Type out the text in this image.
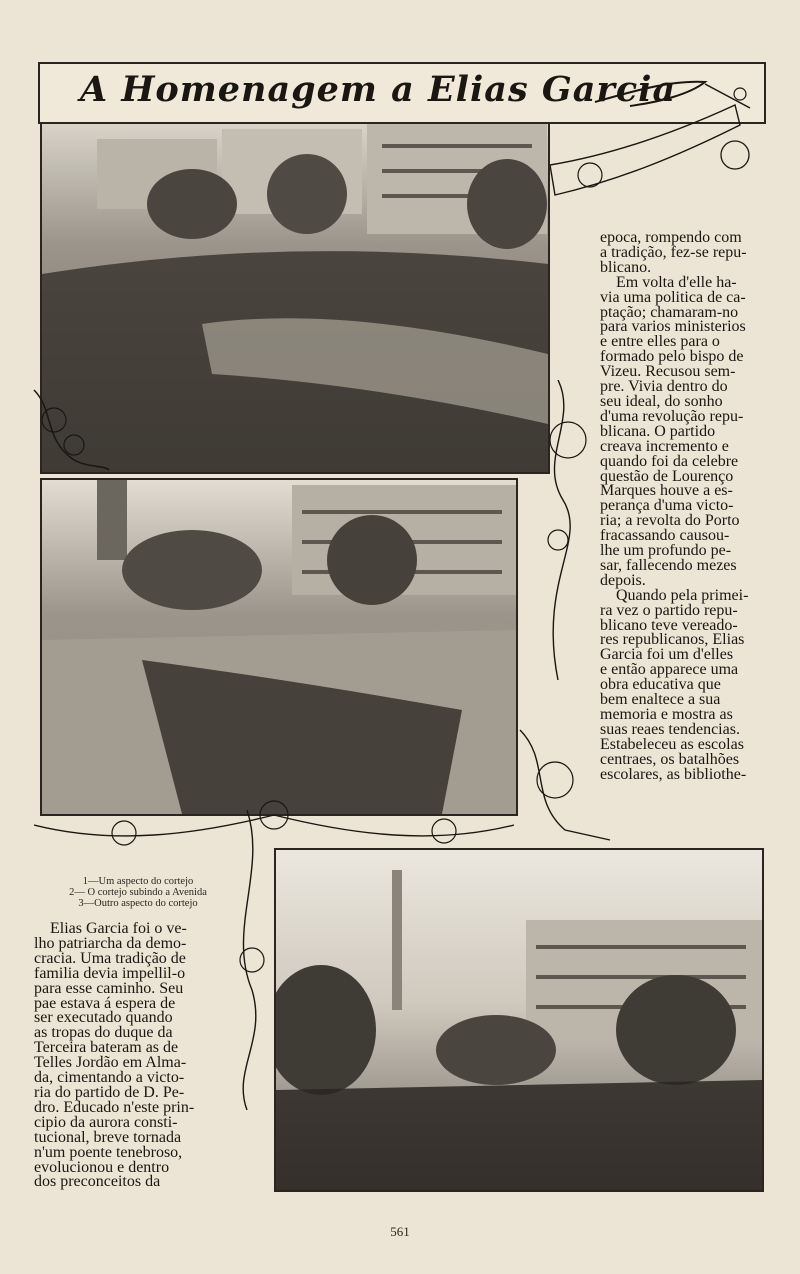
A Homenagem a Elias Garcia

epoca, rompendo com

a tradição, fez-se repu-

blicano.

Em volta d'elle ha-

via uma politica de ca-

ptação; chamaram-no

para varios ministerios

e entre elles para o

formado pelo bispo de

Vizeu. Recusou sem-

pre. Vivia dentro do

seu ideal, do sonho

d'uma revolução repu-

blicana. O partido

creava incremento e

quando foi da celebre

questão de Lourenço

Marques houve a es-

perança d'uma victo-

ria; a revolta do Porto

fracassando causou-

lhe um profundo pe-

sar, fallecendo mezes

depois.

Quando pela primei-

ra vez o partido repu-

blicano teve vereado-

res republicanos, Elias

Garcia foi um d'elles

e então apparece uma

obra educativa que

bem enaltece a sua

memoria e mostra as

suas reaes tendencias.

Estabeleceu as escolas

centraes, os batalhões

escolares, as bibliothe-

1—Um aspecto do cortejo
2— O cortejo subindo a Avenida
3—Outro aspecto do cortejo

Elias Garcia foi o ve-

lho patriarcha da demo-

cracia. Uma tradição de

familia devia impellil-o

para esse caminho. Seu

pae estava á espera de

ser executado quando

as tropas do duque da

Terceira bateram as de

Telles Jordão em Alma-

da, cimentando a victo-

ria do partido de D. Pe-

dro. Educado n'este prin-

cipio da aurora consti-

tucional, breve tornada

n'um poente tenebroso,

evolucionou e dentro

dos preconceitos da

561
